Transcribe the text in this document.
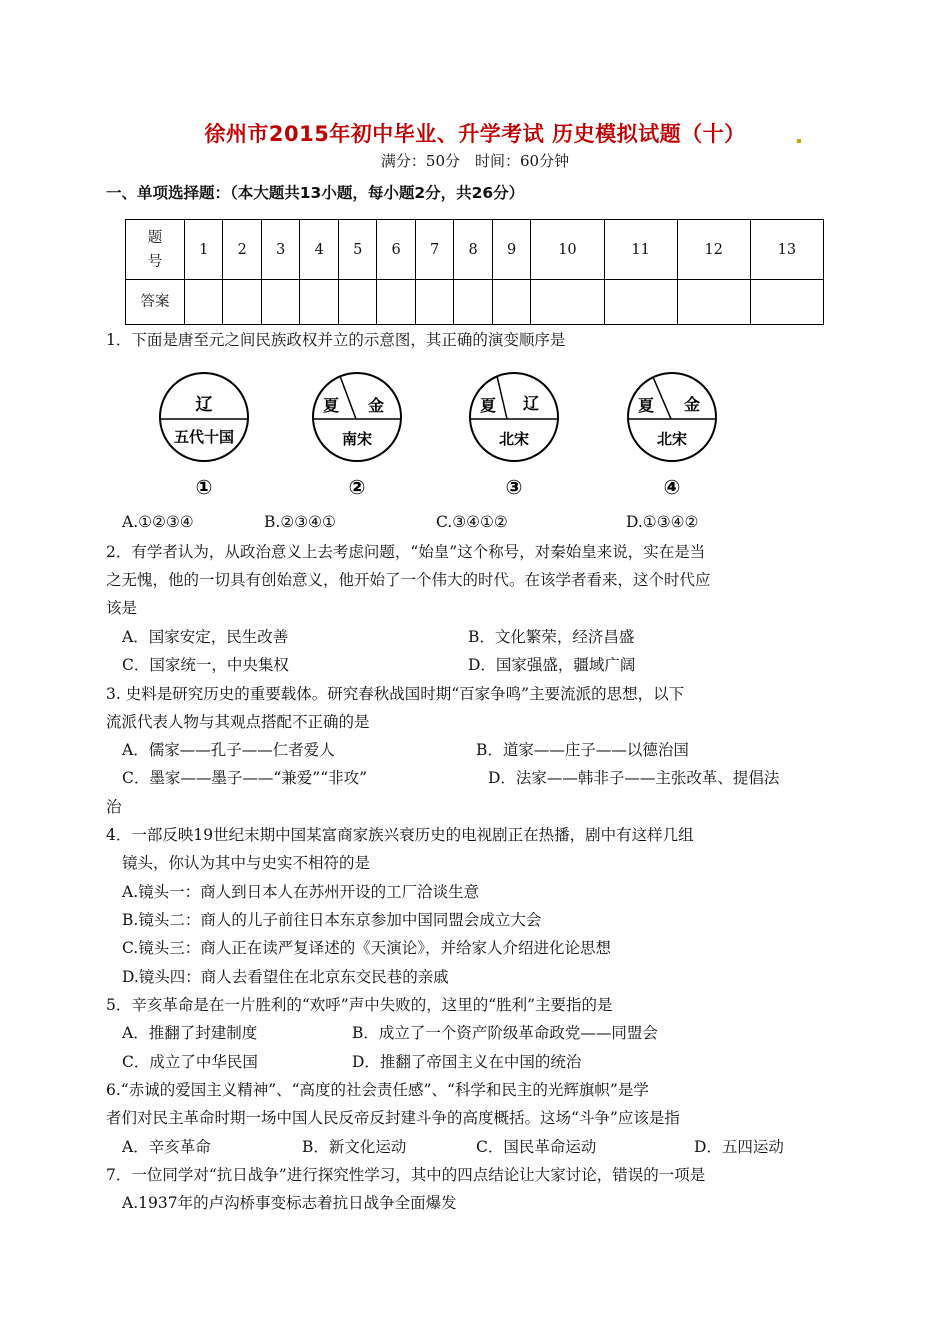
徐州市2015年初中毕业、升学考试 历史模拟试题（十）
满分：50分　时间：60分钟
一、单项选择题：（本大题共13小题，每小题2分，共26分）
题
号	1	2	3	4	5	6	7	8	9	10	11	12	13
答案													
1．下面是唐至元之间民族政权并立的示意图，其正确的演变顺序是
辽
五代十国
①
夏 金
南宋
②
夏 辽
北宋
③
夏 金
北宋
④
A.①②③④	B.②③④①	C.③④①②	D.①③④②
2．有学者认为，从政治意义上去考虑问题，“始皇”这个称号，对秦始皇来说，实在是当
之无愧，他的一切具有创始意义，他开始了一个伟大的时代。在该学者看来，这个时代应
该是
A．国家安定，民生改善	B．文化繁荣，经济昌盛
C．国家统一，中央集权	D．国家强盛，疆域广阔
3. 史料是研究历史的重要载体。研究春秋战国时期“百家争鸣”主要流派的思想，以下
流派代表人物与其观点搭配不正确的是
A．儒家——孔子——仁者爱人	B．道家——庄子——以德治国
C．墨家——墨子——“兼爱”“非攻”	D．法家——韩非子——主张改革、提倡法
治
4．一部反映19世纪末期中国某富商家族兴衰历史的电视剧正在热播，剧中有这样几组
镜头，你认为其中与史实不相符的是
A.镜头一：商人到日本人在苏州开设的工厂洽谈生意
B.镜头二：商人的儿子前往日本东京参加中国同盟会成立大会
C.镜头三：商人正在读严复译述的《天演论》，并给家人介绍进化论思想
D.镜头四：商人去看望住在北京东交民巷的亲戚
5．辛亥革命是在一片胜利的“欢呼”声中失败的，这里的“胜利”主要指的是
A．推翻了封建制度	B．成立了一个资产阶级革命政党——同盟会
C．成立了中华民国	D．推翻了帝国主义在中国的统治
6.“赤诚的爱国主义精神”、“高度的社会责任感”、“科学和民主的光辉旗帜”是学
者们对民主革命时期一场中国人民反帝反封建斗争的高度概括。这场“斗争”应该是指
A．辛亥革命	B．新文化运动	C．国民革命运动	D．五四运动
7．一位同学对“抗日战争”进行探究性学习，其中的四点结论让大家讨论，错误的一项是
A.1937年的卢沟桥事变标志着抗日战争全面爆发
